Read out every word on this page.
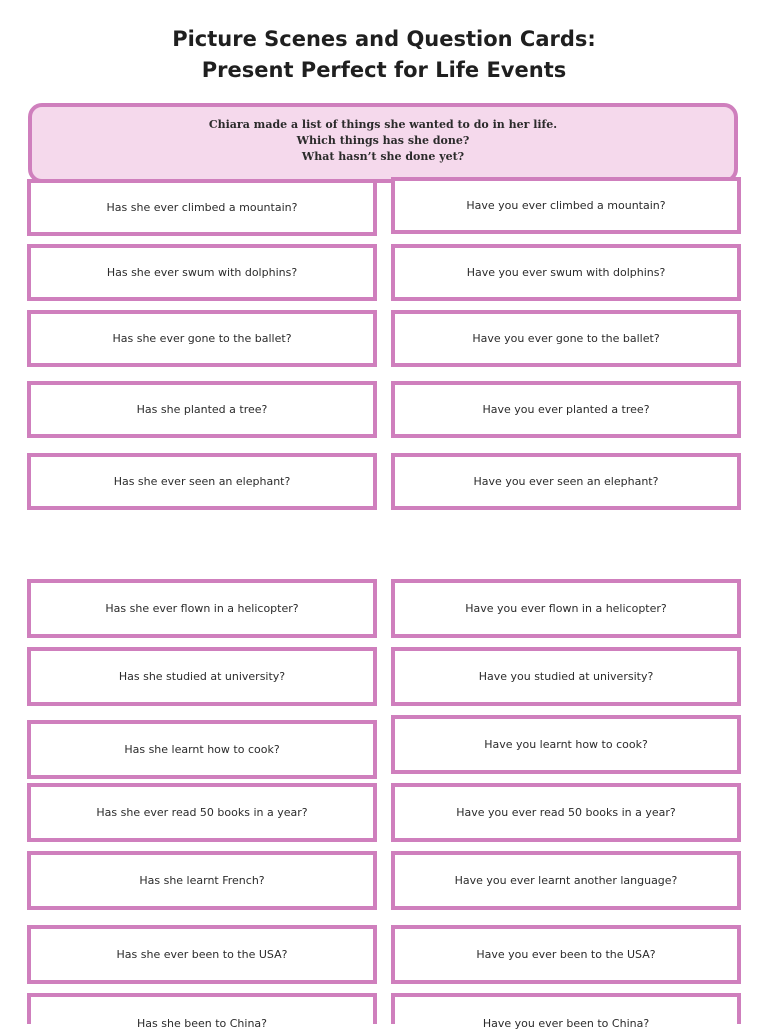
Picture Scenes and Question Cards:
Present Perfect for Life Events
Chiara made a list of things she wanted to do in her life.
Which things has she done?
What hasn’t she done yet?
Has she ever climbed a mountain?	Have you ever climbed a mountain?
Has she ever swum with dolphins?	Have you ever swum with dolphins?
Has she ever gone to the ballet?	Have you ever gone to the ballet?
Has she planted a tree?	Have you ever planted a tree?
Has she ever seen an elephant?	Have you ever seen an elephant?
Has she ever flown in a helicopter?	Have you ever flown in a helicopter?
Has she studied at university?	Have you studied at university?
Has she learnt how to cook?	Have you learnt how to cook?
Has she ever read 50 books in a year?	Have you ever read 50 books in a year?
Has she learnt French?	Have you ever learnt another language?
Has she ever been to the USA?	Have you ever been to the USA?
Has she been to China?	Have you ever been to China?
